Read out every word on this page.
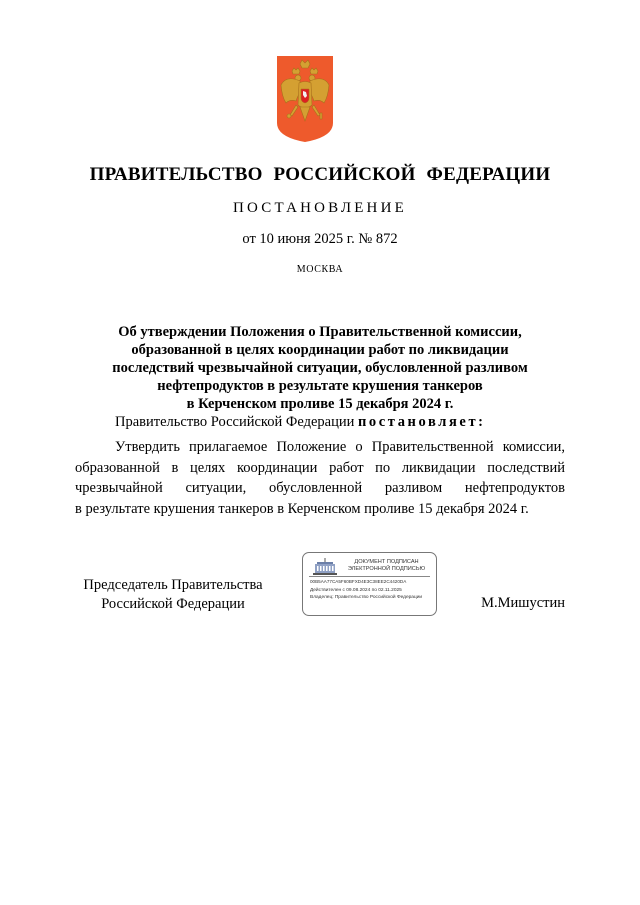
ПРАВИТЕЛЬСТВО РОССИЙСКОЙ ФЕДЕРАЦИИ
ПОСТАНОВЛЕНИЕ
от 10 июня 2025 г. № 872
МОСКВА
Об утверждении Положения о Правительственной комиссии,
образованной в целях координации работ по ликвидации
последствий чрезвычайной ситуации, обусловленной разливом
нефтепродуктов в результате крушения танкеров
в Керченском проливе 15 декабря 2024 г.
Правительство Российской Федерации постановляет:
Утвердить прилагаемое Положение о Правительственной комиссии,
образованной в целях координации работ по ликвидации последствий
чрезвычайной ситуации, обусловленной разливом нефтепродуктов
в результате крушения танкеров в Керченском проливе 15 декабря 2024 г.
Председатель Правительства
Российской Федерации
ДОКУМЕНТ ПОДПИСАН
ЭЛЕКТРОННОЙ ПОДПИСЬЮ
00B5AA77CA5F60BFXD4E3C38EE2C4420DA
Действителен с 09.08.2024 по 02.11.2025
Владелец: Правительство Российской Федерации	М.Мишустин
